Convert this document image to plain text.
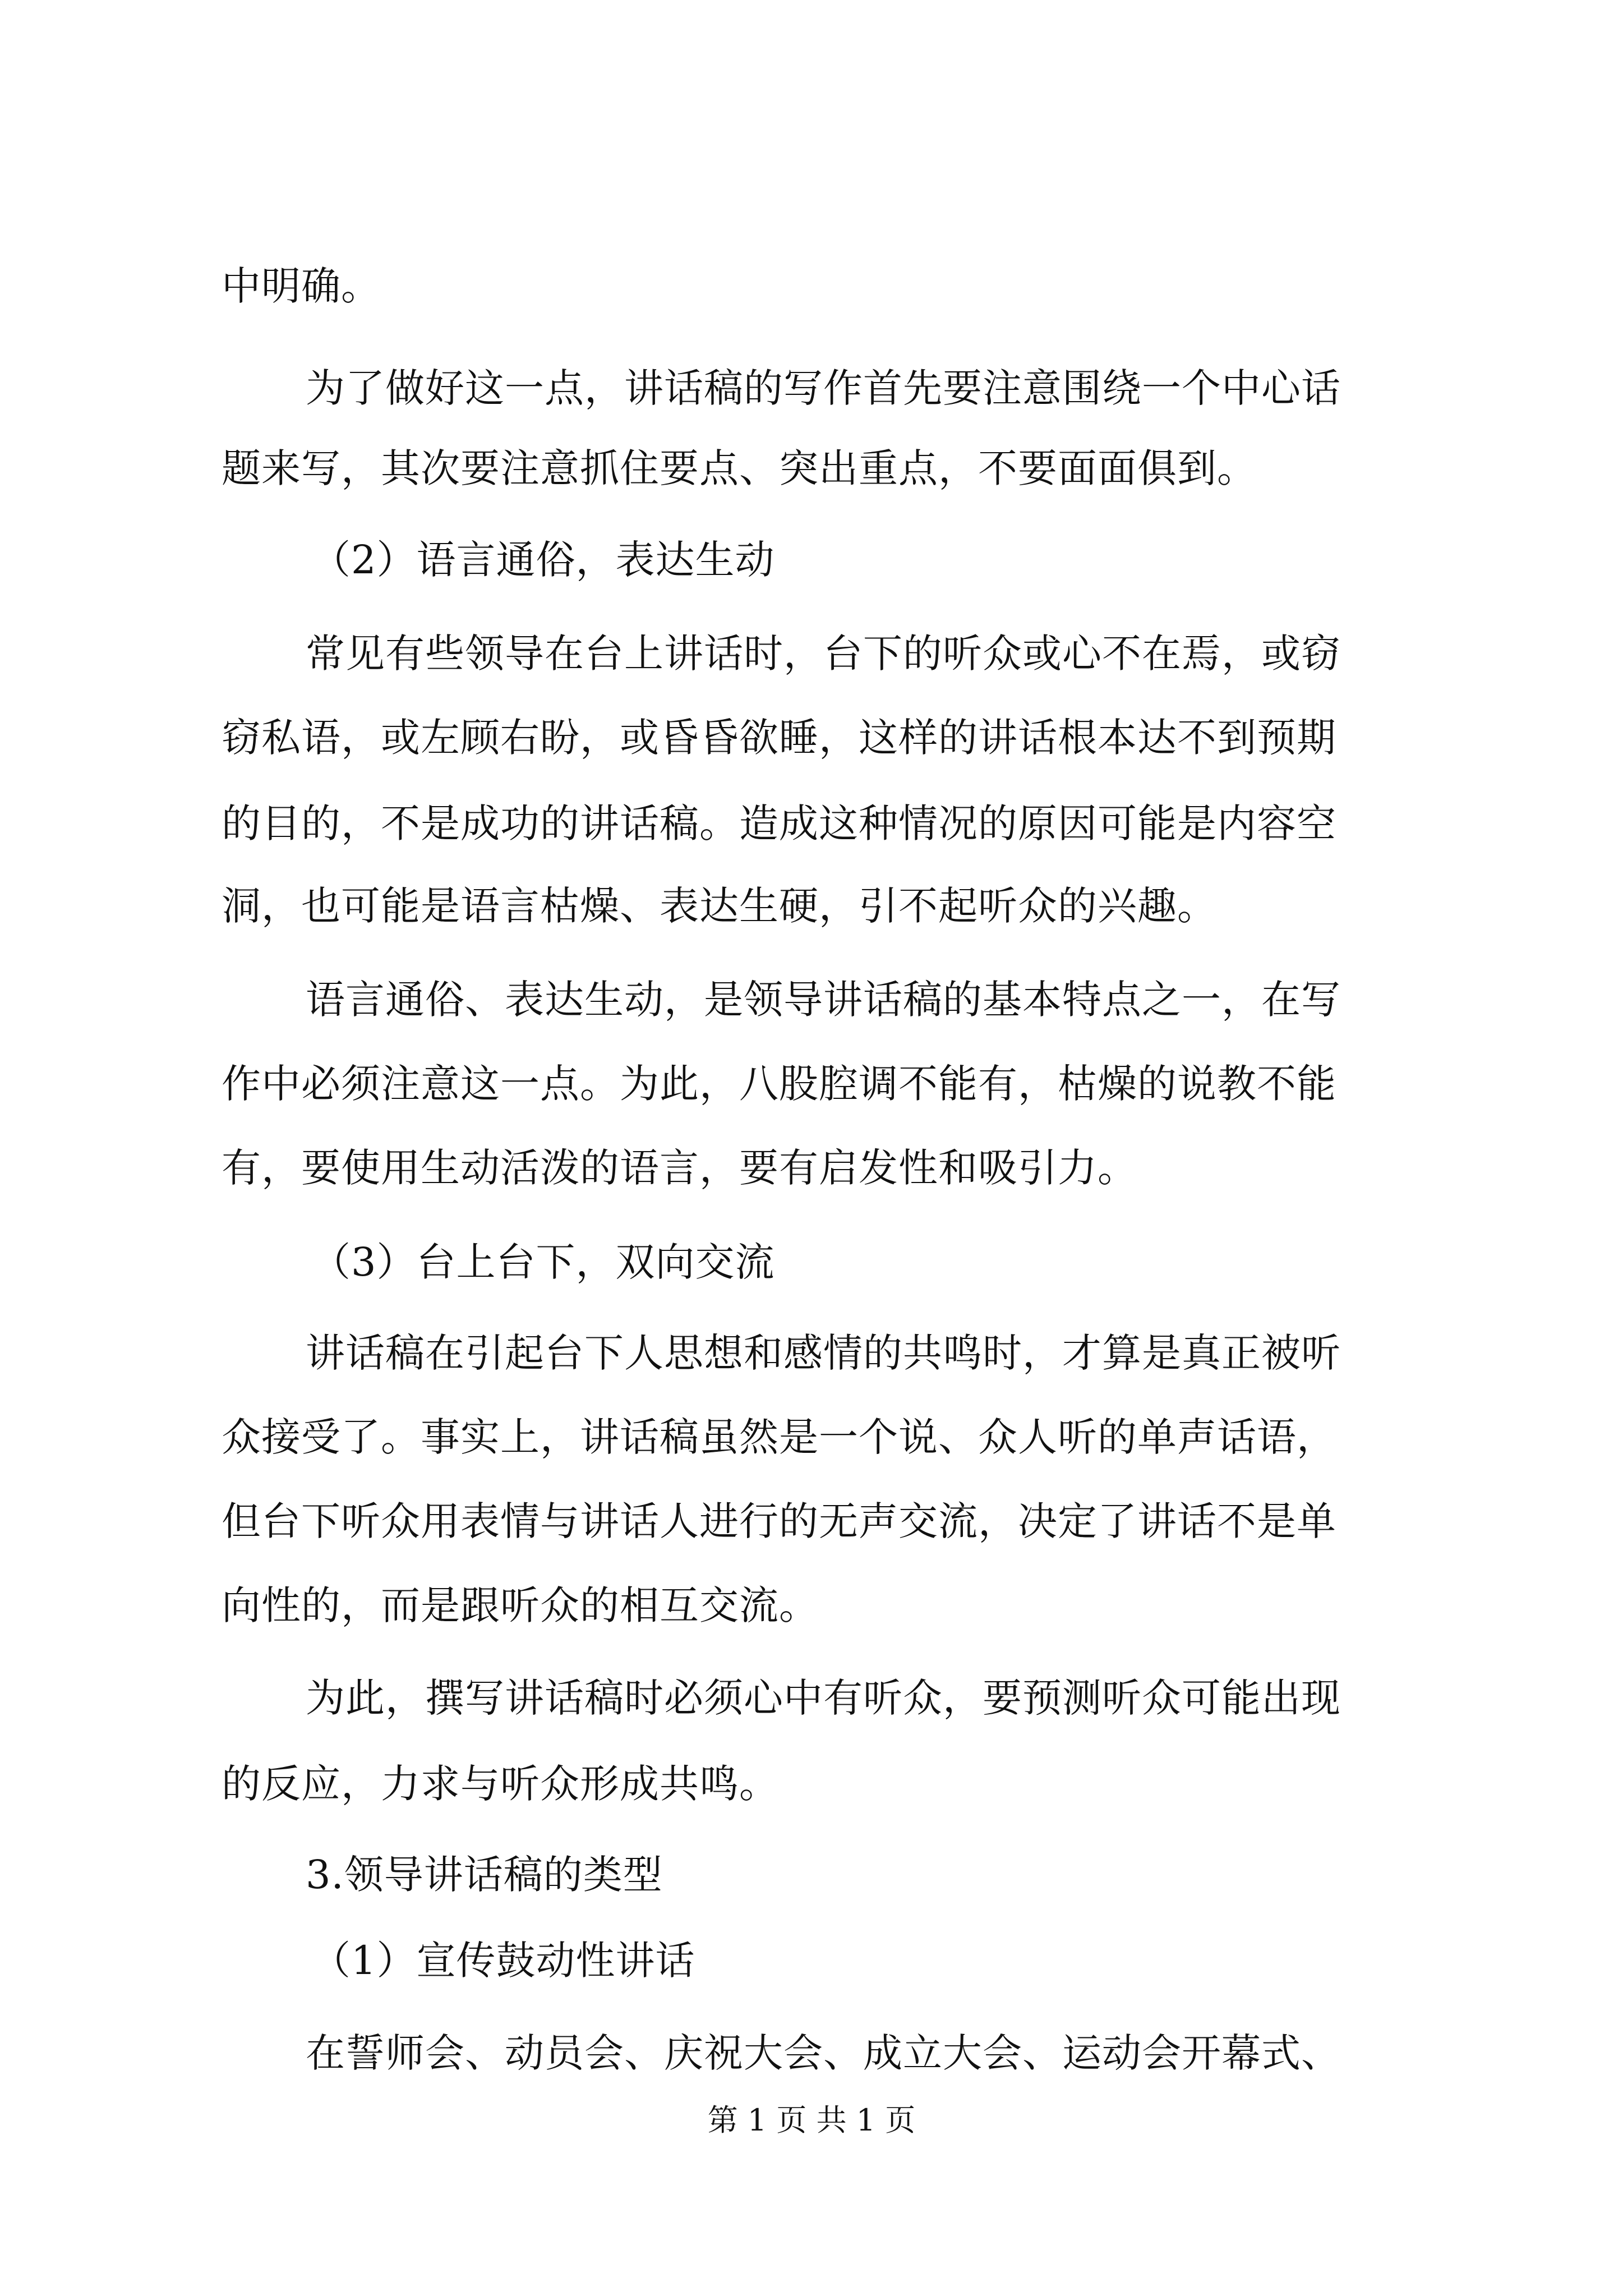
中明确。
为了做好这一点，讲话稿的写作首先要注意围绕一个中心话
题来写，其次要注意抓住要点、突出重点，不要面面俱到。
（2）语言通俗，表达生动
常见有些领导在台上讲话时，台下的听众或心不在焉，或窃
窃私语，或左顾右盼，或昏昏欲睡，这样的讲话根本达不到预期
的目的，不是成功的讲话稿。造成这种情况的原因可能是内容空
洞，也可能是语言枯燥、表达生硬，引不起听众的兴趣。
语言通俗、表达生动，是领导讲话稿的基本特点之一，在写
作中必须注意这一点。为此，八股腔调不能有，枯燥的说教不能
有，要使用生动活泼的语言，要有启发性和吸引力。
（3）台上台下，双向交流
讲话稿在引起台下人思想和感情的共鸣时，才算是真正被听
众接受了。事实上，讲话稿虽然是一个说、众人听的单声话语，
但台下听众用表情与讲话人进行的无声交流，决定了讲话不是单
向性的，而是跟听众的相互交流。
为此，撰写讲话稿时必须心中有听众，要预测听众可能出现
的反应，力求与听众形成共鸣。
3.领导讲话稿的类型
（1）宣传鼓动性讲话
在誓师会、动员会、庆祝大会、成立大会、运动会开幕式、
第 1 页 共 1 页
